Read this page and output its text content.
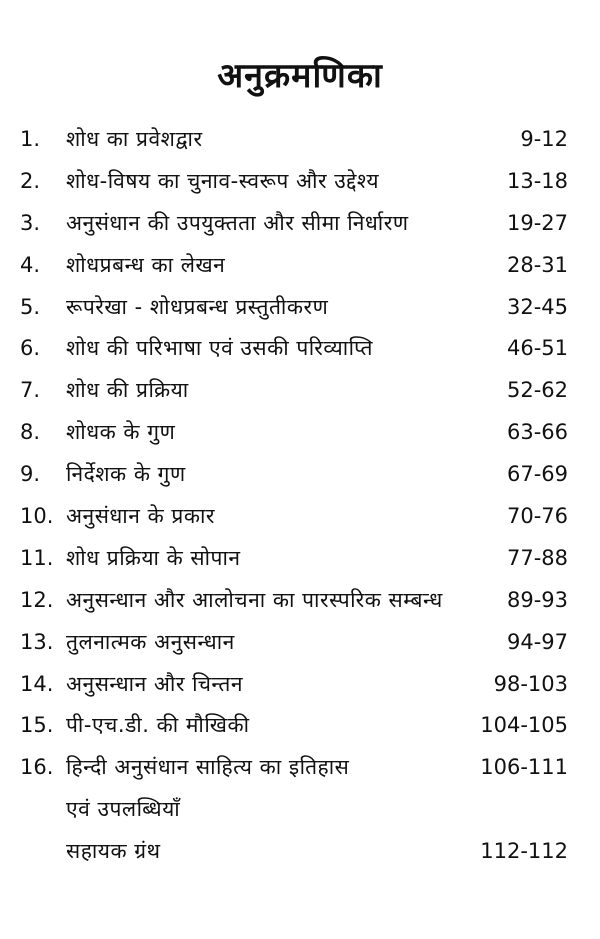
अनुक्रमणिका
1.	शोध का प्रवेशद्वार	9-12
2.	शोध-विषय का चुनाव-स्वरूप और उद्देश्य	13-18
3.	अनुसंधान की उपयुक्तता और सीमा निर्धारण	19-27
4.	शोधप्रबन्ध का लेखन	28-31
5.	रूपरेखा - शोधप्रबन्ध प्रस्तुतीकरण	32-45
6.	शोध की परिभाषा एवं उसकी परिव्याप्ति	46-51
7.	शोध की प्रक्रिया	52-62
8.	शोधक के गुण	63-66
9.	निर्देशक के गुण	67-69
10. अनुसंधान के प्रकार	70-76
11. शोध प्रक्रिया के सोपान	77-88
12. अनुसन्धान और आलोचना का पारस्परिक सम्बन्ध	89-93
13. तुलनात्मक अनुसन्धान	94-97
14. अनुसन्धान और चिन्तन	98-103
15. पी-एच.डी. की मौखिकी	104-105
16. हिन्दी अनुसंधान साहित्य का इतिहास	106-111
एवं उपलब्धियाँ
सहायक ग्रंथ	112-112
